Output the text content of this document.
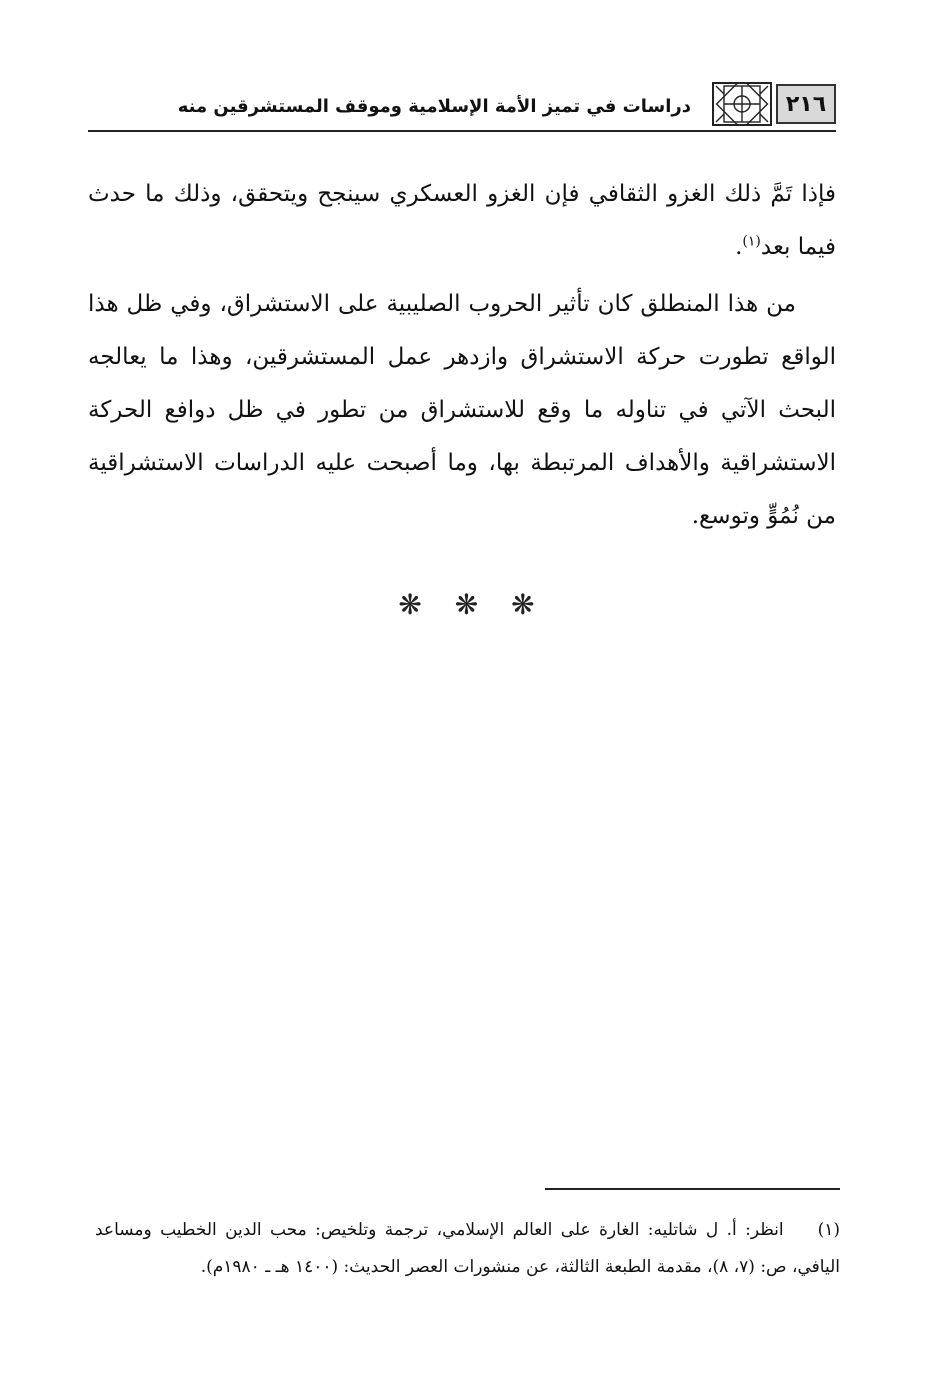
٢١٦
دراسات في تميز الأمة الإسلامية وموقف المستشرقين منه

فإذا تَمَّ ذلك الغزو الثقافي فإن الغزو العسكري سينجح ويتحقق، وذلك ما حدث فيما بعد$^{(١)}$.

من هذا المنطلق كان تأثير الحروب الصليبية على الاستشراق، وفي ظل هذا الواقع تطورت حركة الاستشراق وازدهر عمل المستشرقين، وهذا ما يعالجه البحث الآتي في تناوله ما وقع للاستشراق من تطور في ظل دوافع الحركة الاستشراقية والأهداف المرتبطة بها، وما أصبحت عليه الدراسات الاستشراقية من نُمُوٍّ وتوسع.

❋ ❋ ❋

(١) انظر: أ. ل شاتليه: الغارة على العالم الإسلامي، ترجمة وتلخيص: محب الدين الخطيب ومساعد اليافي، ص: (٧، ٨)، مقدمة الطبعة الثالثة، عن منشورات العصر الحديث: (١٤٠٠ هـ ـ ١٩٨٠م).
